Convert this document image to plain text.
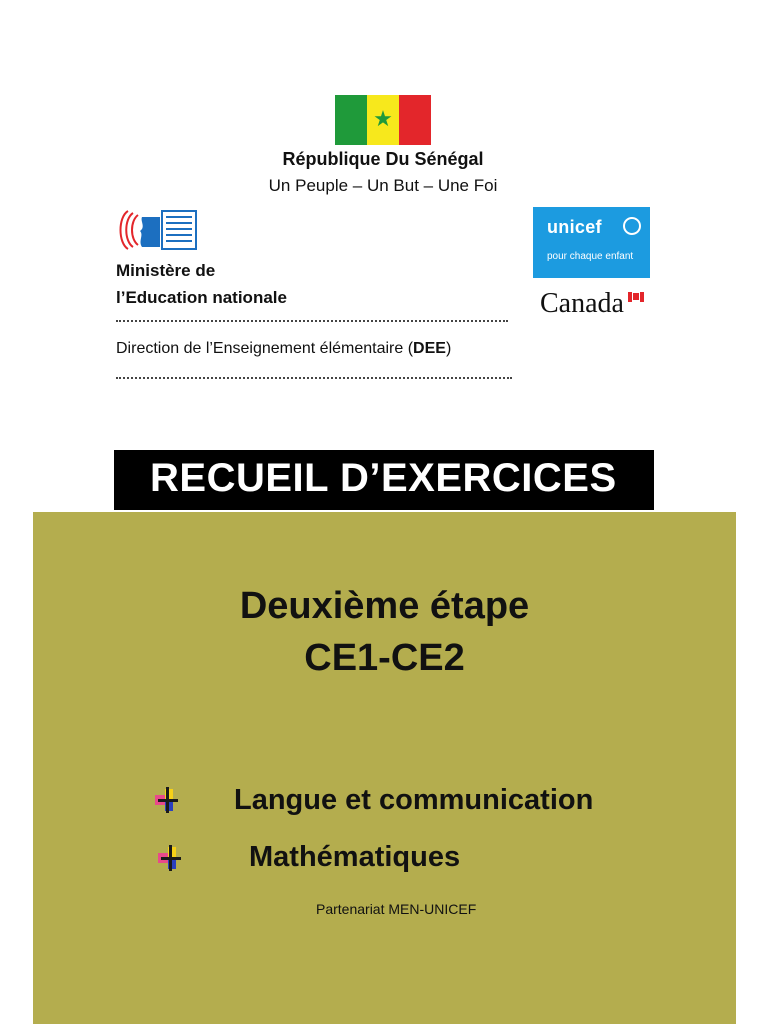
★
République Du Sénégal
Un Peuple – Un But – Une Foi
Ministère de
l’Education nationale
Direction de l’Enseignement élémentaire (DEE)
unicef
pour chaque enfant
Canada
RECUEIL D’EXERCICES
Deuxième étape
CE1-CE2
Langue et communication
Mathématiques
Partenariat MEN-UNICEF
